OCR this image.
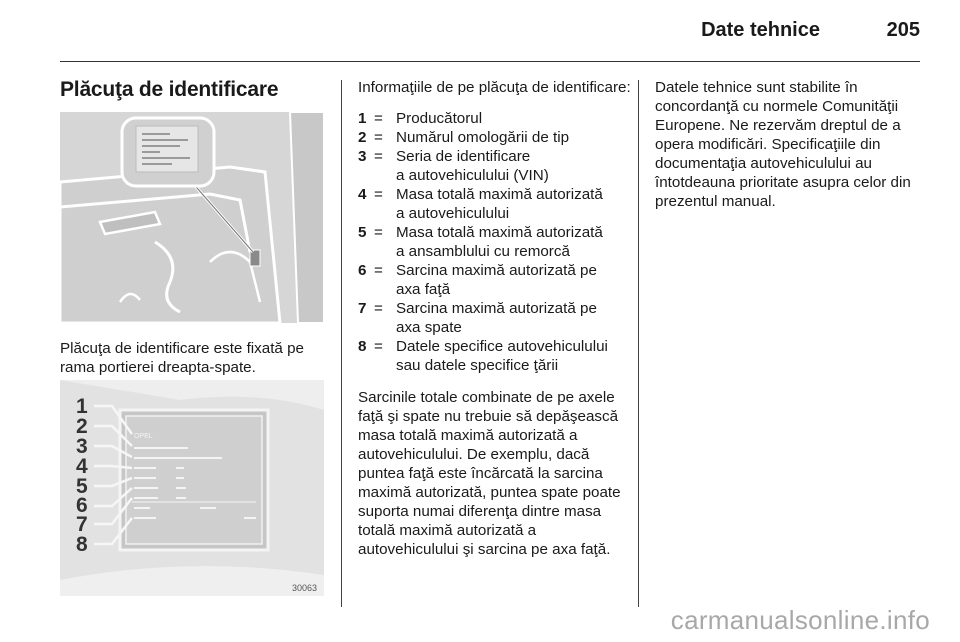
Date tehnice	205
Plăcuţa de identificare
Plăcuţa de identificare este fixată pe rama portierei dreapta-spate.
OPEL
1
2
3
4
5
6
7
8
30063
Informaţiile de pe plăcuţa de identificare:
1 = Producătorul
2 = Numărul omologării de tip
3 = Seria de identificare
a autovehiculului (VIN)
4 = Masa totală maximă autorizată
a autovehiculului
5 = Masa totală maximă autorizată
a ansamblului cu remorcă
6 = Sarcina maximă autorizată pe
axa faţă
7 = Sarcina maximă autorizată pe
axa spate
8 = Datele specifice autovehiculului
sau datele specifice ţării
Sarcinile totale combinate de pe axele faţă şi spate nu trebuie să depăşească masa totală maximă autorizată a autovehiculului. De exemplu, dacă puntea faţă este încărcată la sarcina maximă autorizată, puntea spate poate suporta numai diferenţa dintre masa totală maximă autorizată a autovehiculului şi sarcina pe axa faţă.
Datele tehnice sunt stabilite în concordanţă cu normele Comunităţii Europene. Ne rezervăm dreptul de a opera modificări. Specificaţiile din documentaţia autovehiculului au întotdeauna prioritate asupra celor din prezentul manual.
carmanualsonline.info
